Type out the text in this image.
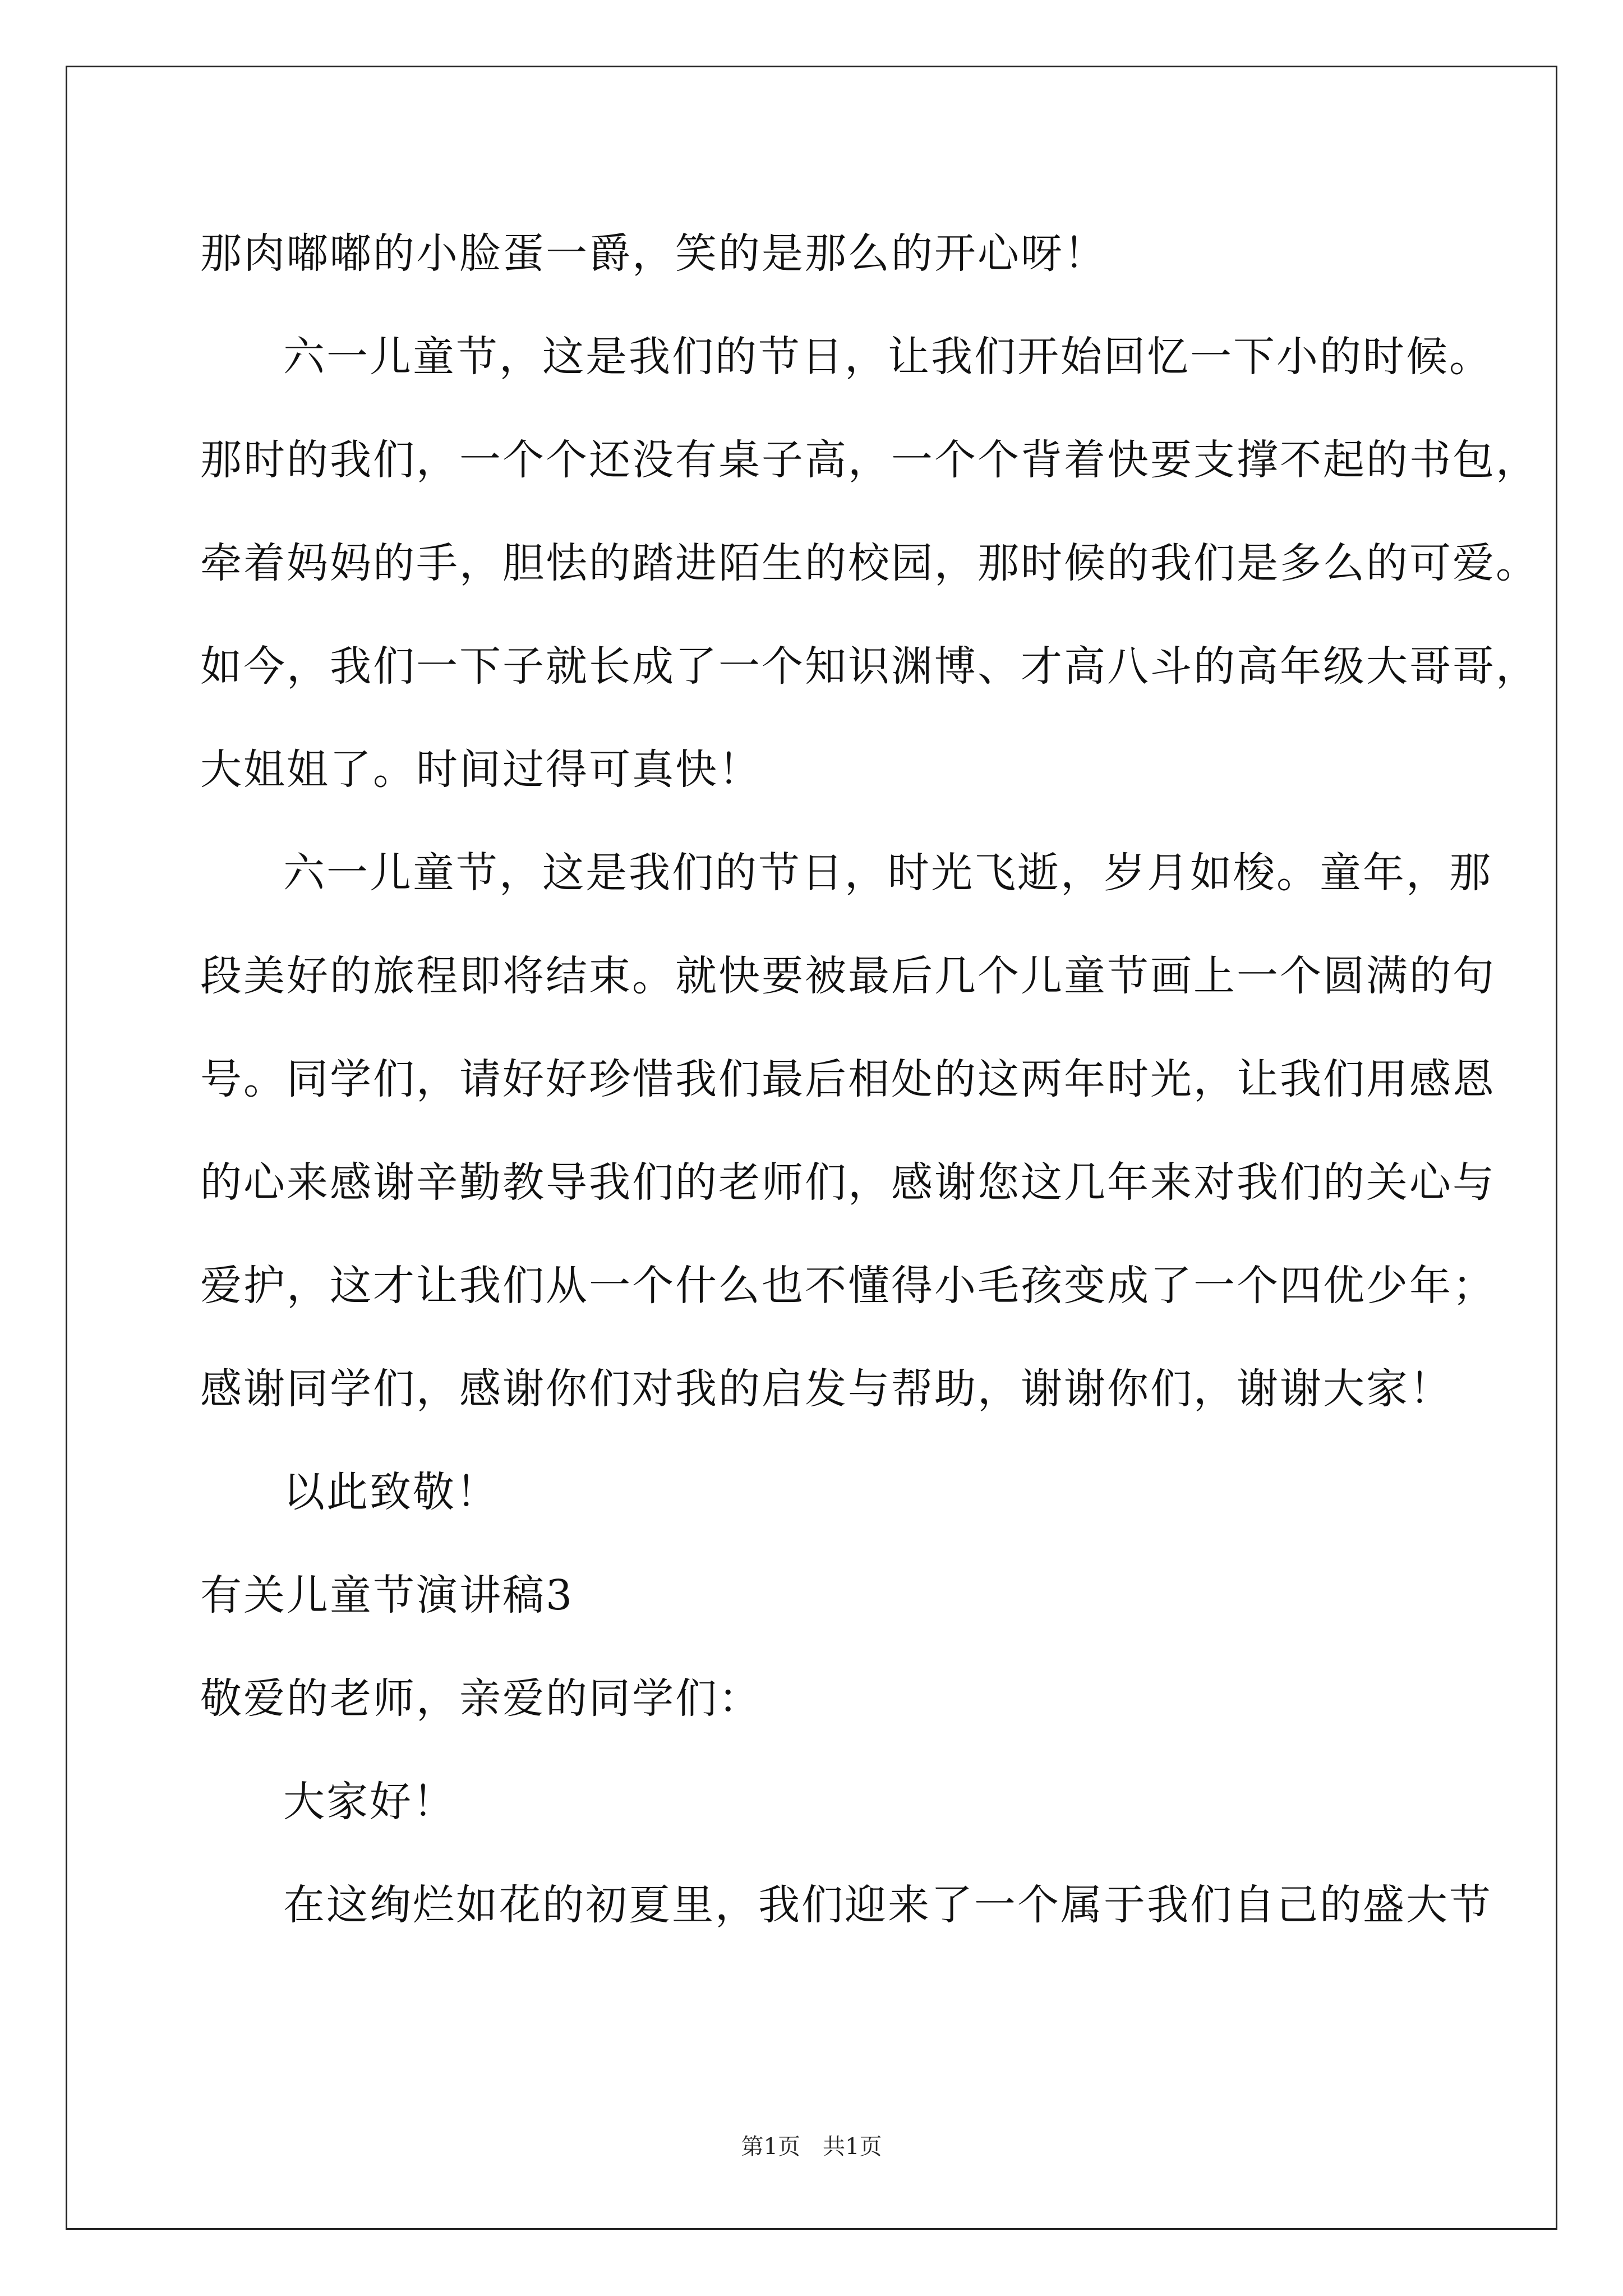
那肉嘟嘟的小脸蛋一爵，笑的是那么的开心呀！
六一儿童节，这是我们的节日，让我们开始回忆一下小的时候。
那时的我们，一个个还没有桌子高，一个个背着快要支撑不起的书包，
牵着妈妈的手，胆怯的踏进陌生的校园，那时候的我们是多么的可爱。
如今，我们一下子就长成了一个知识渊博、才高八斗的高年级大哥哥，
大姐姐了。时间过得可真快！
六一儿童节，这是我们的节日，时光飞逝，岁月如梭。童年，那
段美好的旅程即将结束。就快要被最后几个儿童节画上一个圆满的句
号。同学们，请好好珍惜我们最后相处的这两年时光，让我们用感恩
的心来感谢辛勤教导我们的老师们，感谢您这几年来对我们的关心与
爱护，这才让我们从一个什么也不懂得小毛孩变成了一个四优少年；
感谢同学们，感谢你们对我的启发与帮助，谢谢你们，谢谢大家！
以此致敬！
有关儿童节演讲稿3
敬爱的老师，亲爱的同学们：
大家好！
在这绚烂如花的初夏里，我们迎来了一个属于我们自己的盛大节
第1页　共1页
